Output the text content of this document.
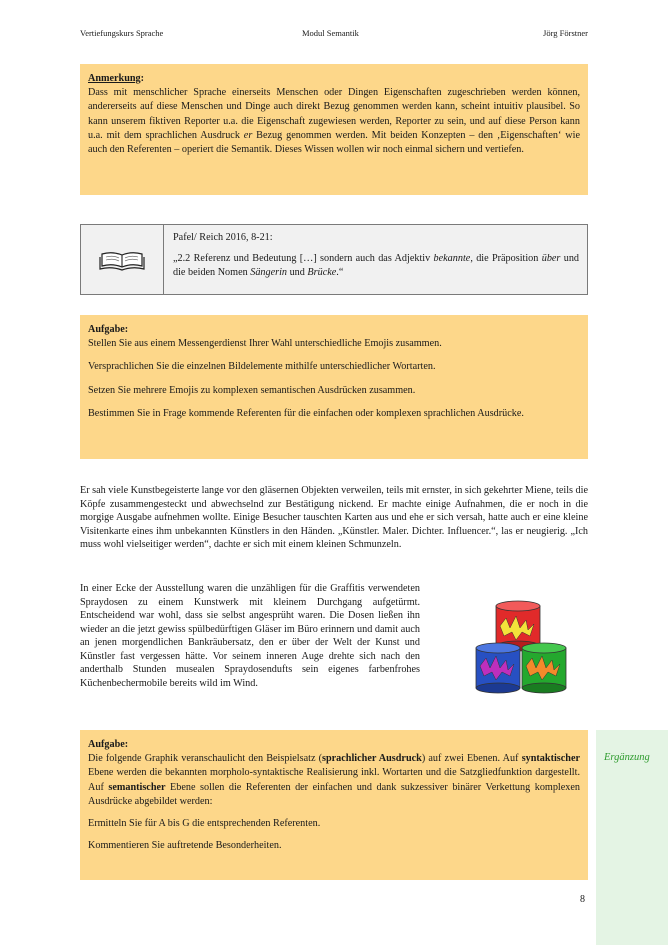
Vertiefungskurs Sprache	Modul Semantik	Jörg Förstner

Anmerkung:

Dass mit menschlicher Sprache einerseits Menschen oder Dingen Eigenschaften zugeschrieben werden können, andererseits auf diese Menschen und Dinge auch direkt Bezug genommen werden kann, scheint intuitiv plausibel. So kann unserem fiktiven Reporter u.a. die Eigenschaft zugewiesen werden, Reporter zu sein, und auf diese Person kann u.a. mit dem sprachlichen Ausdruck er Bezug genommen werden. Mit beiden Konzepten – den ‚Eigenschaften‘ wie auch den Referenten – operiert die Semantik. Dieses Wissen wollen wir noch einmal sichern und vertiefen.

Pafel/ Reich 2016, 8-21:

„2.2 Referenz und Bedeutung […] sondern auch das Adjektiv bekannte, die Präposition über und die beiden Nomen Sängerin und Brücke.“

Aufgabe:

Stellen Sie aus einem Messengerdienst Ihrer Wahl unterschiedliche Emojis zusammen.

Versprachlichen Sie die einzelnen Bildelemente mithilfe unterschiedlicher Wortarten.

Setzen Sie mehrere Emojis zu komplexen semantischen Ausdrücken zusammen.

Bestimmen Sie in Frage kommende Referenten für die einfachen oder komplexen sprachlichen Ausdrücke.

Er sah viele Kunstbegeisterte lange vor den gläsernen Objekten verweilen, teils mit ernster, in sich gekehrter Miene, teils die Köpfe zusammengesteckt und abwechselnd zur Bestätigung nickend. Er machte einige Aufnahmen, die er noch in die morgige Ausgabe aufnehmen wollte. Einige Besucher tauschten Karten aus und ehe er sich versah, hatte auch er eine kleine Visitenkarte eines ihm unbekannten Künstlers in den Händen. „Künstler. Maler. Dichter. Influencer.“, las er neugierig. „Ich muss wohl vielseitiger werden“, dachte er sich mit einem kleinen Schmunzeln.

In einer Ecke der Ausstellung waren die unzähligen für die Graffitis verwendeten Spraydosen zu einem Kunstwerk mit kleinem Durchgang aufgetürmt. Entscheidend war wohl, dass sie selbst angesprüht waren. Die Dosen ließen ihn wieder an die jetzt gewiss spülbedürftigen Gläser im Büro erinnern und damit auch an jenen morgendlichen Bankräubersatz, den er über der Welt der Kunst und Künstler fast vergessen hätte. Vor seinem inneren Auge drehte sich nach den anderthalb Stunden musealen Spraydosendufts sein eigenes farbenfrohes Küchenbechermobile bereits wild im Wind.

Aufgabe:

Die folgende Graphik veranschaulicht den Beispielsatz (sprachlicher Ausdruck) auf zwei Ebenen. Auf syntaktischer Ebene werden die bekannten morpholo-syntaktische Realisierung inkl. Wortarten und die Satzgliedfunktion dargestellt. Auf semantischer Ebene sollen die Referenten der einfachen und dank sukzessiver binärer Verkettung komplexen Ausdrücke abgebildet werden:

Ermitteln Sie für A bis G die entsprechenden Referenten.

Kommentieren Sie auftretende Besonderheiten.

Ergänzung
8
